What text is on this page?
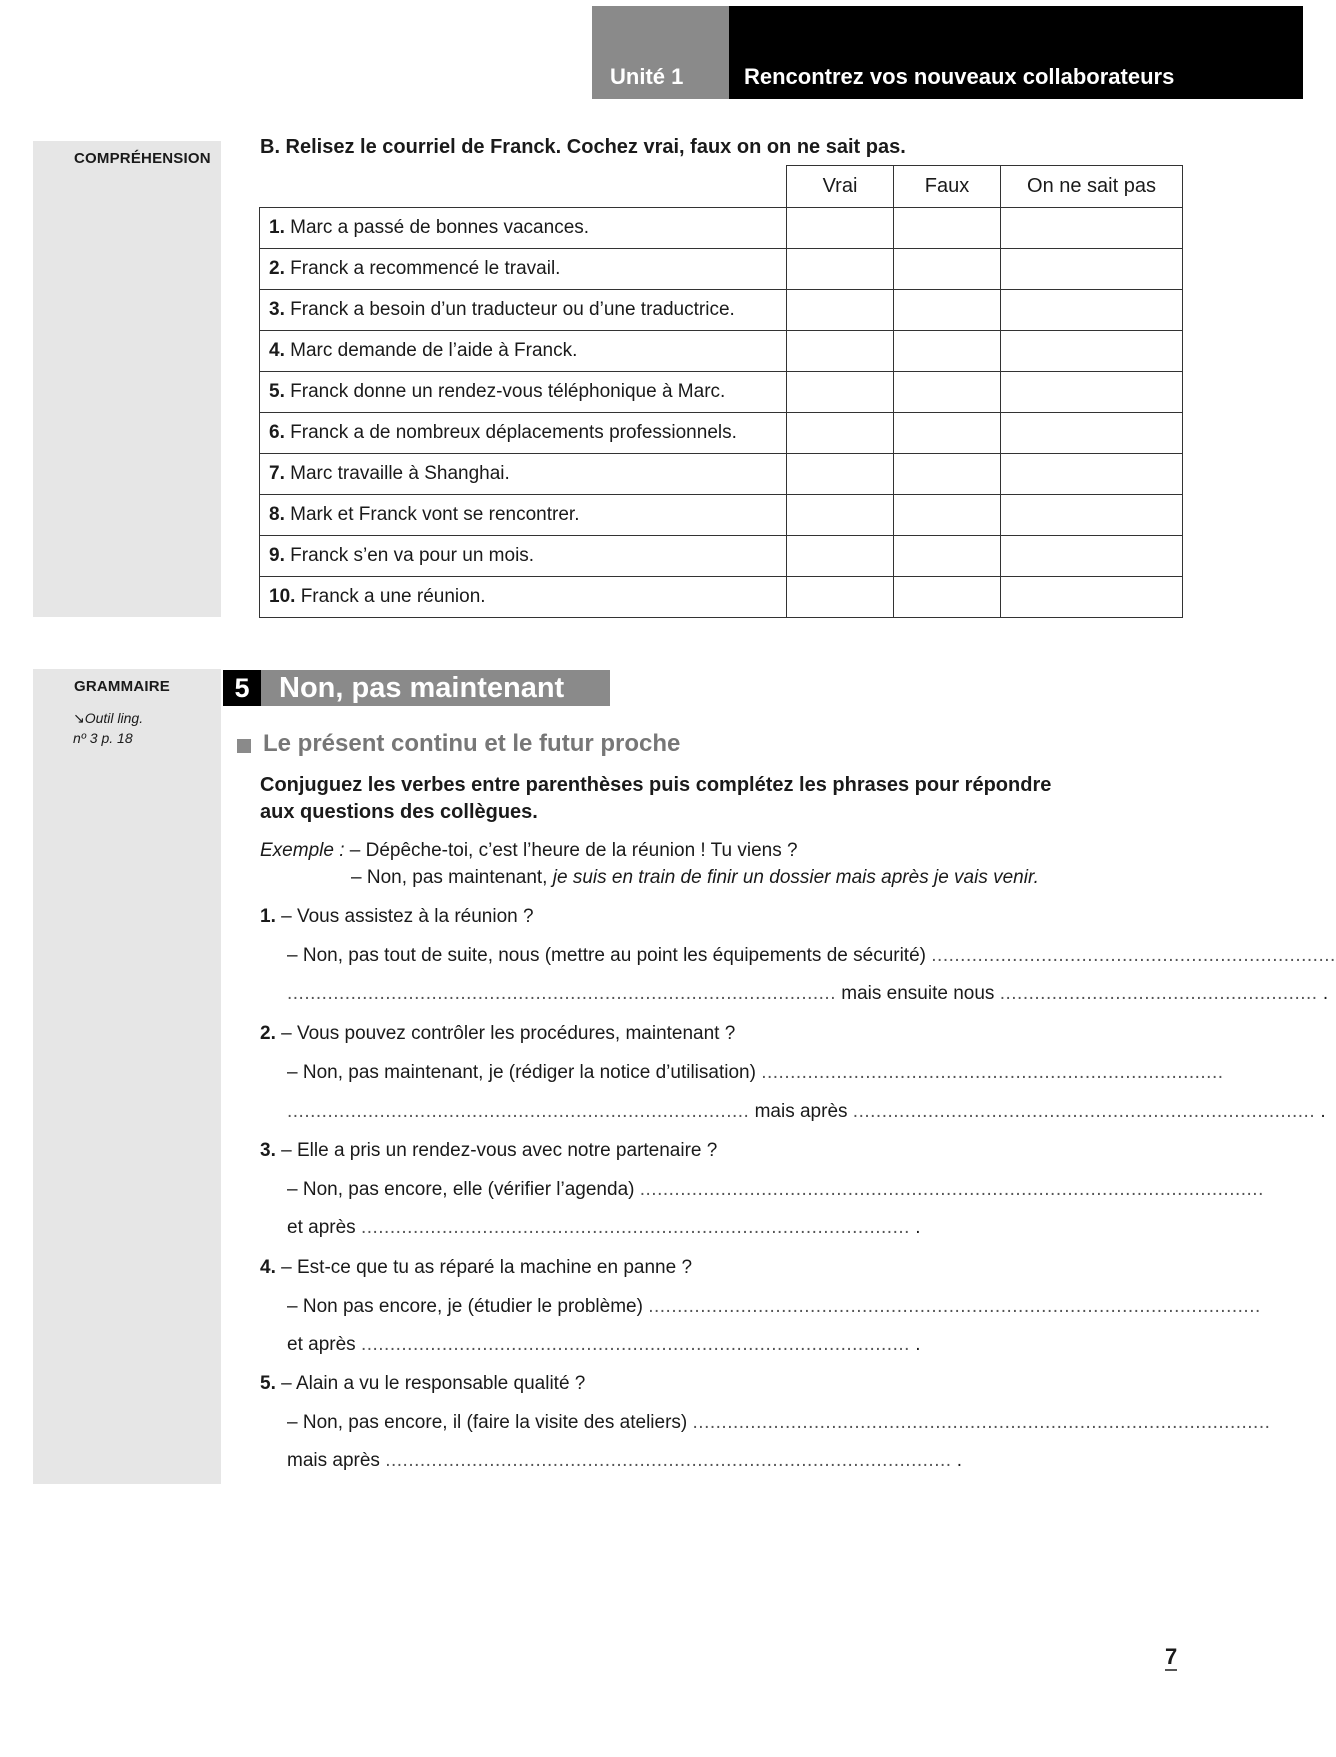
Unité 1	Rencontrez vos nouveaux collaborateurs
COMPRÉHENSION
B. Relisez le courriel de Franck. Cochez vrai, faux on on ne sait pas.
	Vrai	Faux	On ne sait pas
1. Marc a passé de bonnes vacances.			
2. Franck a recommencé le travail.			
3. Franck a besoin d’un traducteur ou d’une traductrice.			
4. Marc demande de l’aide à Franck.			
5. Franck donne un rendez-vous téléphonique à Marc.			
6. Franck a de nombreux déplacements professionnels.			
7. Marc travaille à Shanghai.			
8. Mark et Franck vont se rencontrer.			
9. Franck s’en va pour un mois.			
10. Franck a une réunion.			
GRAMMAIRE
↘Outil ling.
nº 3 p. 18
5	Non, pas maintenant
Le présent continu et le futur proche
Conjuguez les verbes entre parenthèses puis complétez les phrases pour répondre aux questions des collègues.
Exemple : – Dépêche-toi, c’est l’heure de la réunion ! Tu viens ?
– Non, pas maintenant, je suis en train de finir un dossier mais après je vais venir.
1. – Vous assistez à la réunion ?
– Non, pas tout de suite, nous (mettre au point les équipements de sécurité) ......................................................................
............................................................................................... mais ensuite nous ....................................................... .
2. – Vous pouvez contrôler les procédures, maintenant ?
– Non, pas maintenant, je (rédiger la notice d’utilisation) ................................................................................
................................................................................ mais après ................................................................................ .
3. – Elle a pris un rendez-vous avec notre partenaire ?
– Non, pas encore, elle (vérifier l’agenda) ............................................................................................................
et après ............................................................................................... .
4. – Est-ce que tu as réparé la machine en panne ?
– Non pas encore, je (étudier le problème) ..........................................................................................................
et après ............................................................................................... .
5. – Alain a vu le responsable qualité ?
– Non, pas encore, il (faire la visite des ateliers) ....................................................................................................
mais après .................................................................................................. .
7
